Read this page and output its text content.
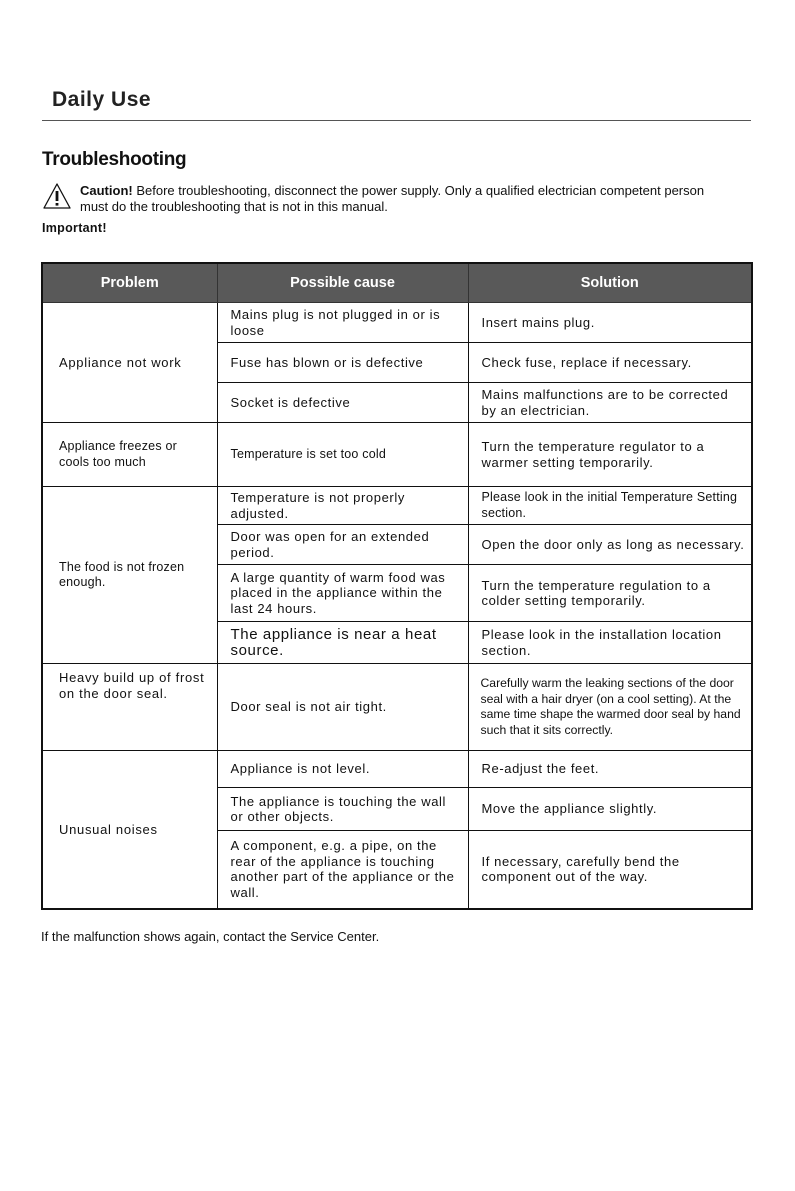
Daily Use
Troubleshooting
Caution! Before troubleshooting, disconnect the power supply. Only a qualified electrician competent person must do the troubleshooting that is not in this manual.
Important!
Problem	Possible cause	Solution
Appliance not work	Mains plug is not plugged in or is loose	Insert mains plug.
	Fuse has blown or is defective	Check fuse, replace if necessary.
	Socket is defective	Mains malfunctions are to be corrected by an electrician.
Appliance freezes or cools too much	Temperature is set too cold	Turn the temperature regulator to a warmer setting temporarily.
The food is not frozen enough.	Temperature is not properly adjusted.	Please look in the initial Temperature Setting section.
	Door was open for an extended period.	Open the door only as long as necessary.
	A large quantity of warm food was placed in the appliance within the last 24 hours.	Turn the temperature regulation to a colder setting temporarily.
	The appliance is near a heat source.	Please look in the installation location section.
Heavy build up of frost on the door seal.	Door seal is not air tight.	Carefully warm the leaking sections of the door seal with a hair dryer (on a cool setting). At the same time shape the warmed door seal by hand such that it sits correctly.
Unusual noises	Appliance is not level.	Re-adjust the feet.
	The appliance is touching the wall or other objects.	Move the appliance slightly.
	A component, e.g. a pipe, on the rear of the appliance is touching another part of the appliance or the wall.	If necessary, carefully bend the component out of the way.
If the malfunction shows again, contact the Service Center.
